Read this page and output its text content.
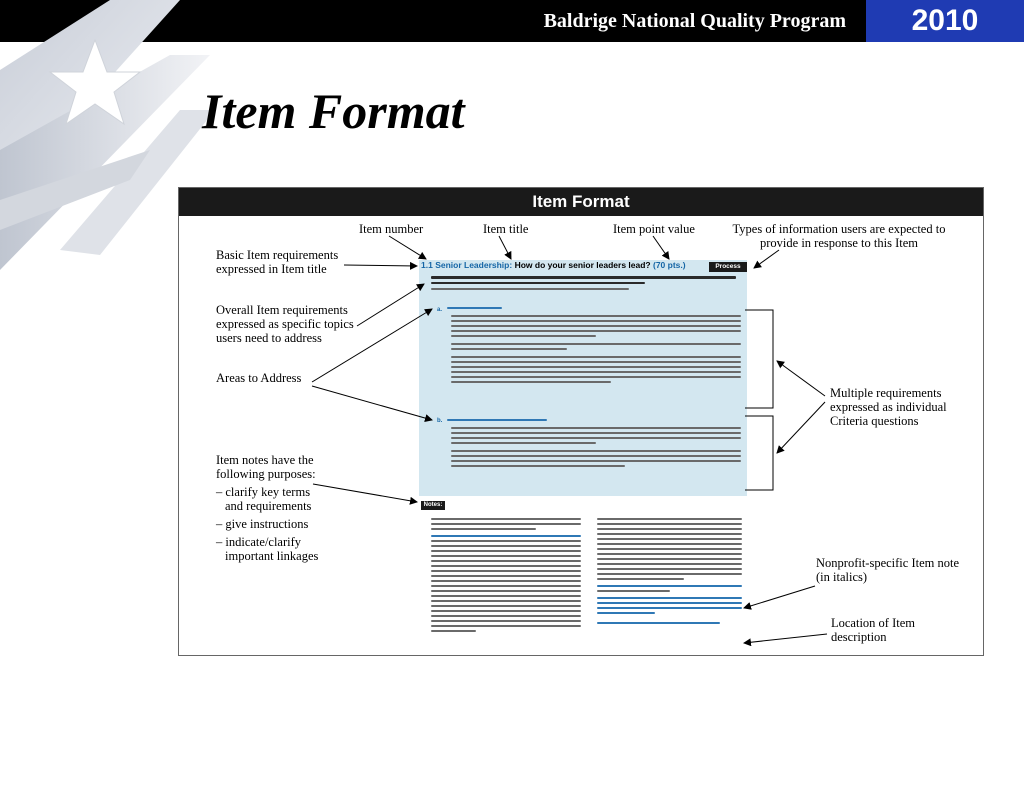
Baldrige National Quality Program	2010
Item Format
Item Format
Item number	Item title	Item point value	Types of information users are expected to provide in response to this Item
Basic Item requirements expressed in Item title
Overall Item requirements expressed as specific topics users need to address
Areas to Address
Item notes have the following purposes:
– clarify key terms
and requirements
– give instructions
– indicate/clarify
important linkages
Multiple requirements expressed as individual Criteria questions
Nonprofit-specific Item note (in italics)
Location of Item description
1.1 Senior Leadership: How do your senior leaders lead? (70 pts.)	Process
a.
b.
Notes:
